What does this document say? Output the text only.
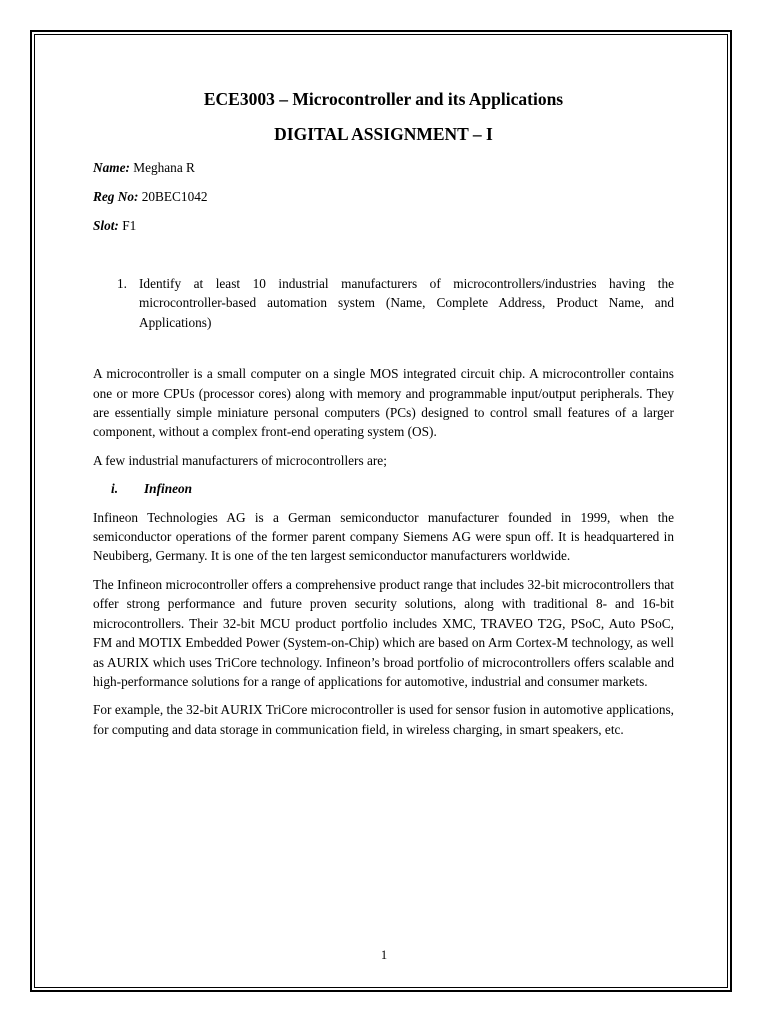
ECE3003 – Microcontroller and its Applications
DIGITAL ASSIGNMENT – I
Name: Meghana R
Reg No: 20BEC1042
Slot: F1
1. Identify at least 10 industrial manufacturers of microcontrollers/industries having the microcontroller-based automation system (Name, Complete Address, Product Name, and Applications)

A microcontroller is a small computer on a single MOS integrated circuit chip. A microcontroller contains one or more CPUs (processor cores) along with memory and programmable input/output peripherals. They are essentially simple miniature personal computers (PCs) designed to control small features of a larger component, without a complex front-end operating system (OS).

A few industrial manufacturers of microcontrollers are;

i. Infineon

Infineon Technologies AG is a German semiconductor manufacturer founded in 1999, when the semiconductor operations of the former parent company Siemens AG were spun off. It is headquartered in Neubiberg, Germany. It is one of the ten largest semiconductor manufacturers worldwide.

The Infineon microcontroller offers a comprehensive product range that includes 32-bit microcontrollers that offer strong performance and future proven security solutions, along with traditional 8- and 16-bit microcontrollers. Their 32-bit MCU product portfolio includes XMC, TRAVEO T2G, PSoC, Auto PSoC, FM and MOTIX Embedded Power (System-on-Chip) which are based on Arm Cortex-M technology, as well as AURIX which uses TriCore technology. Infineon’s broad portfolio of microcontrollers offers scalable and high-performance solutions for a range of applications for automotive, industrial and consumer markets.

For example, the 32-bit AURIX TriCore microcontroller is used for sensor fusion in automotive applications, for computing and data storage in communication field, in wireless charging, in smart speakers, etc.

1
